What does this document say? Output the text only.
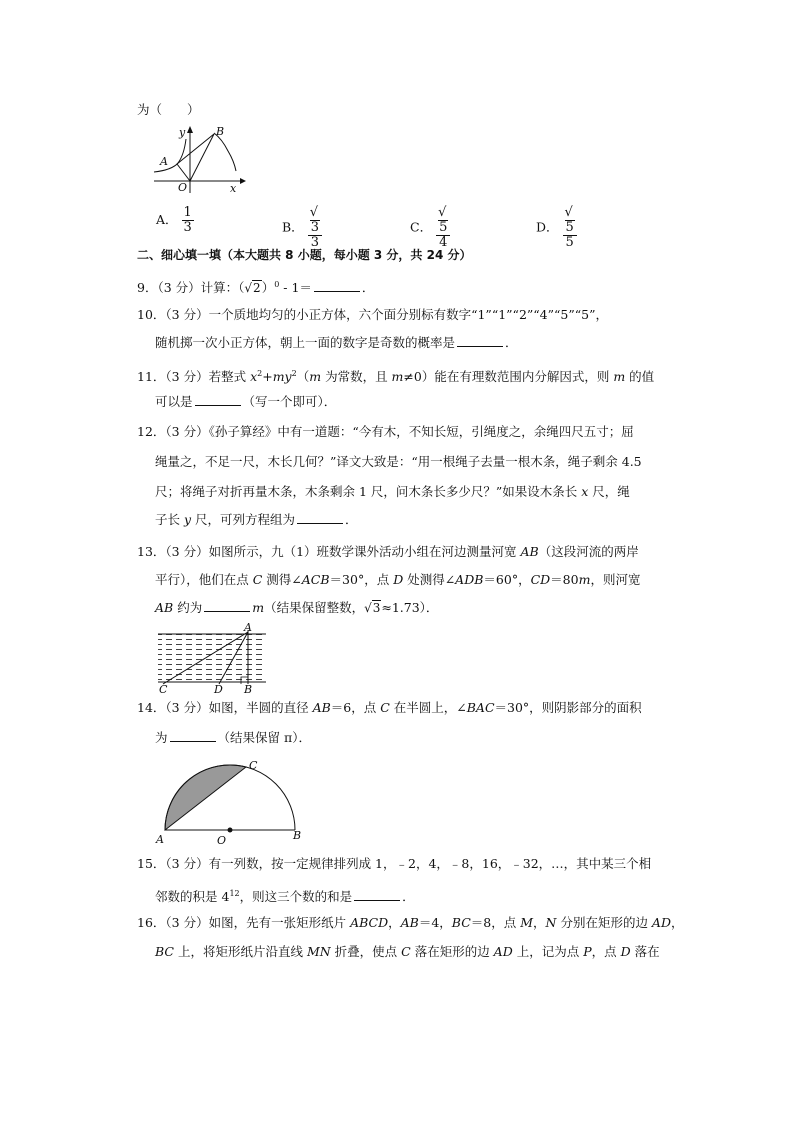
为（　　）
y	B
A
O	x
A． $\frac{1}{3}$	B． √
3
3	C． √
5
4	D． √
5
5
二、细心填一填（本大题共 8 小题，每小题 3 分，共 24 分）
9．（3 分）计算：$(√2)^0 - 1=$	．
10．（3 分）一个质地均匀的小正方体，六个面分别标有数字“1”“1”“2”“4”“5”“5”，
随机掷一次小正方体，朝上一面的数字是奇数的概率是	．
11．（3 分）若整式 $x^2+my^2(m$ 为常数，且 m≠0）能在有理数范围内分解因式，则 m 的值
可以是	（写一个即可）．
12．（3 分）《孙子算经》中有一道题：“今有木，不知长短，引绳度之，余绳四尺五寸；屈
绳量之，不足一尺，木长几何？”译文大致是：“用一根绳子去量一根木条，绳子剩余 4.5
尺；将绳子对折再量木条，木条剩余 1 尺，问木条长多少尺？”如果设木条长 x 尺，绳
子长 y 尺，可列方程组为	．
13．（3 分）如图所示，九（1）班数学课外活动小组在河边测量河宽 AB（这段河流的两岸
平行），他们在点 C 测得∠ACB＝30°，点 D 处测得∠ADB＝60°，CD＝80m，则河宽
AB 约为	m（结果保留整数，√3≈1.73）．
A
C	D B
14．（3 分）如图，半圆的直径 AB＝6，点 C 在半圆上，∠BAC＝30°，则阴影部分的面积
为	（结果保留 π）．
A	O	B
C
15．（3 分）有一列数，按一定规律排列成 1，﹣2，4，﹣8，16，﹣32，…，其中某三个相
邻数的积是 $4^{12}$，则这三个数的和是	．
16．（3 分）如图，先有一张矩形纸片 ABCD，AB＝4，BC＝8，点 M，N 分别在矩形的边 AD，
BC 上，将矩形纸片沿直线 MN 折叠，使点 C 落在矩形的边 AD 上，记为点 P，点 D 落在
